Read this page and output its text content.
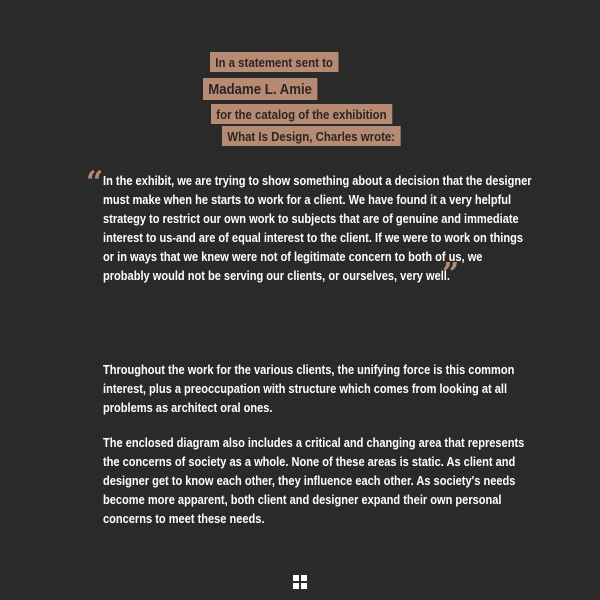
In a statement sent to
Madame L. Amie
for the catalog of the exhibition
What Is Design, Charles wrote:
“ In the exhibit, we are trying to show something about a decision that the designer
must make when he starts to work for a client. We have found it a very helpful
strategy to restrict our own work to subjects that are of genuine and immediate
interest to us-and are of equal interest to the client. If we were to work on things
or in ways that we knew were not of legitimate concern to both of us, we
probably would not be serving our clients, or ourselves, very well.
”
Throughout the work for the various clients, the unifying force is this common
interest, plus a preoccupation with structure which comes from looking at all
problems as architect oral ones.
The enclosed diagram also includes a critical and changing area that represents
the concerns of society as a whole. None of these areas is static. As client and
designer get to know each other, they influence each other. As society's needs
become more apparent, both client and designer expand their own personal
concerns to meet these needs.
